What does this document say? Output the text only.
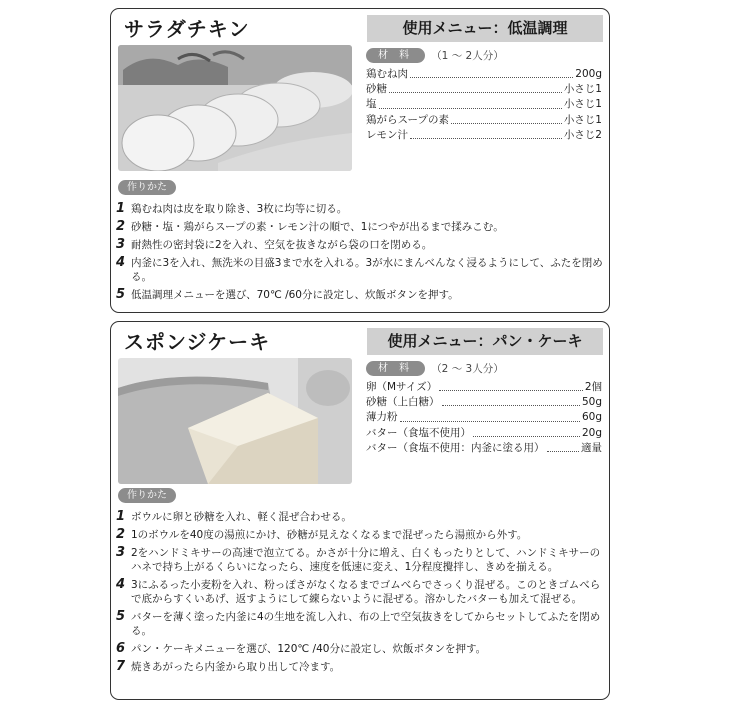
サラダチキン	使用メニュー：低温調理
材 料	（1 ～ 2人分）
鶏むね肉	200g
砂糖	小さじ1
塩	小さじ1
鶏がらスープの素	小さじ1
レモン汁	小さじ2
作りかた
1 鶏むね肉は皮を取り除き、3枚に均等に切る。
2 砂糖・塩・鶏がらスープの素・レモン汁の順で、1につやが出るまで揉みこむ。
3 耐熱性の密封袋に2を入れ、空気を抜きながら袋の口を閉める。
4 内釜に3を入れ、無洗米の目盛3まで水を入れる。3が水にまんべんなく浸るようにして、ふたを閉める。
5 低温調理メニューを選び、70℃ /60分に設定し、炊飯ボタンを押す。
スポンジケーキ	使用メニュー：パン・ケーキ
材 料	（2 ～ 3人分）
卵（Mサイズ）	2個
砂糖（上白糖）	50g
薄力粉	60g
バター（食塩不使用）	20g
バター（食塩不使用：内釜に塗る用）	適量
作りかた
1 ボウルに卵と砂糖を入れ、軽く混ぜ合わせる。
2 1のボウルを40度の湯煎にかけ、砂糖が見えなくなるまで混ぜったら湯煎から外す。
3 2をハンドミキサーの高速で泡立てる。かさが十分に増え、白くもったりとして、ハンドミキサーのハネで持ち上がるくらいになったら、速度を低速に変え、1分程度攪拌し、きめを揃える。
4 3にふるった小麦粉を入れ、粉っぽさがなくなるまでゴムべらでさっくり混ぜる。このときゴムべらで底からすくいあげ、返すようにして練らないように混ぜる。溶かしたバターも加えて混ぜる。
5 バターを薄く塗った内釜に4の生地を流し入れ、布の上で空気抜きをしてからセットしてふたを閉める。
6 パン・ケーキメニューを選び、120℃ /40分に設定し、炊飯ボタンを押す。
7 焼きあがったら内釜から取り出して冷ます。
